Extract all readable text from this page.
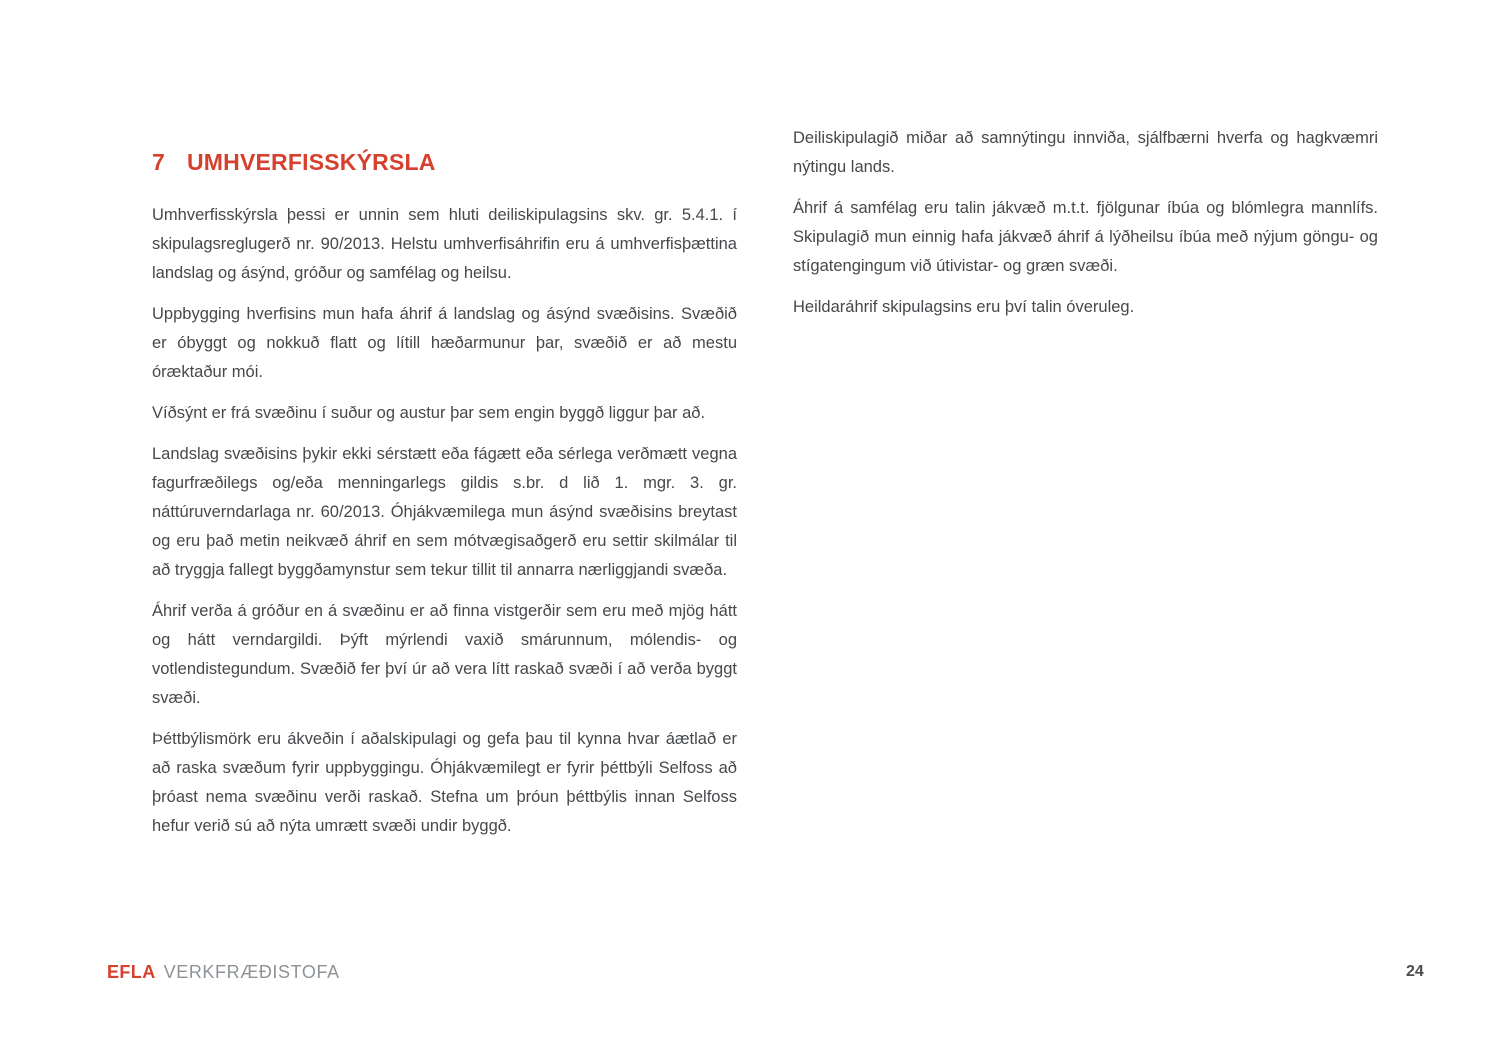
7 UMHVERFISSKÝRSLA

Umhverfisskýrsla þessi er unnin sem hluti deiliskipulagsins skv. gr. 5.4.1. í skipulagsreglugerð nr. 90/2013. Helstu umhverfisáhrifin eru á umhverfisþættina landslag og ásýnd, gróður og samfélag og heilsu.

Uppbygging hverfisins mun hafa áhrif á landslag og ásýnd svæðisins. Svæðið er óbyggt og nokkuð flatt og lítill hæðarmunur þar, svæðið er að mestu óræktaður mói.

Víðsýnt er frá svæðinu í suður og austur þar sem engin byggð liggur þar að.

Landslag svæðisins þykir ekki sérstætt eða fágætt eða sérlega verðmætt vegna fagurfræðilegs og/eða menningarlegs gildis s.br. d lið 1. mgr. 3. gr. náttúruverndarlaga nr. 60/2013. Óhjákvæmilega mun ásýnd svæðisins breytast og eru það metin neikvæð áhrif en sem mótvægisaðgerð eru settir skilmálar til að tryggja fallegt byggðamynstur sem tekur tillit til annarra nærliggjandi svæða.

Áhrif verða á gróður en á svæðinu er að finna vistgerðir sem eru með mjög hátt og hátt verndargildi. Þýft mýrlendi vaxið smárunnum, mólendis- og votlendistegundum. Svæðið fer því úr að vera lítt raskað svæði í að verða byggt svæði.

Þéttbýlismörk eru ákveðin í aðalskipulagi og gefa þau til kynna hvar áætlað er að raska svæðum fyrir uppbyggingu. Óhjákvæmilegt er fyrir þéttbýli Selfoss að þróast nema svæðinu verði raskað. Stefna um þróun þéttbýlis innan Selfoss hefur verið sú að nýta umrætt svæði undir byggð.

Deiliskipulagið miðar að samnýtingu innviða, sjálfbærni hverfa og hagkvæmri nýtingu lands.

Áhrif á samfélag eru talin jákvæð m.t.t. fjölgunar íbúa og blómlegra mannlífs. Skipulagið mun einnig hafa jákvæð áhrif á lýðheilsu íbúa með nýjum göngu- og stígatengingum við útivistar- og græn svæði.

Heildaráhrif skipulagsins eru því talin óveruleg.

EFLA VERKFRÆÐISTOFA	24
